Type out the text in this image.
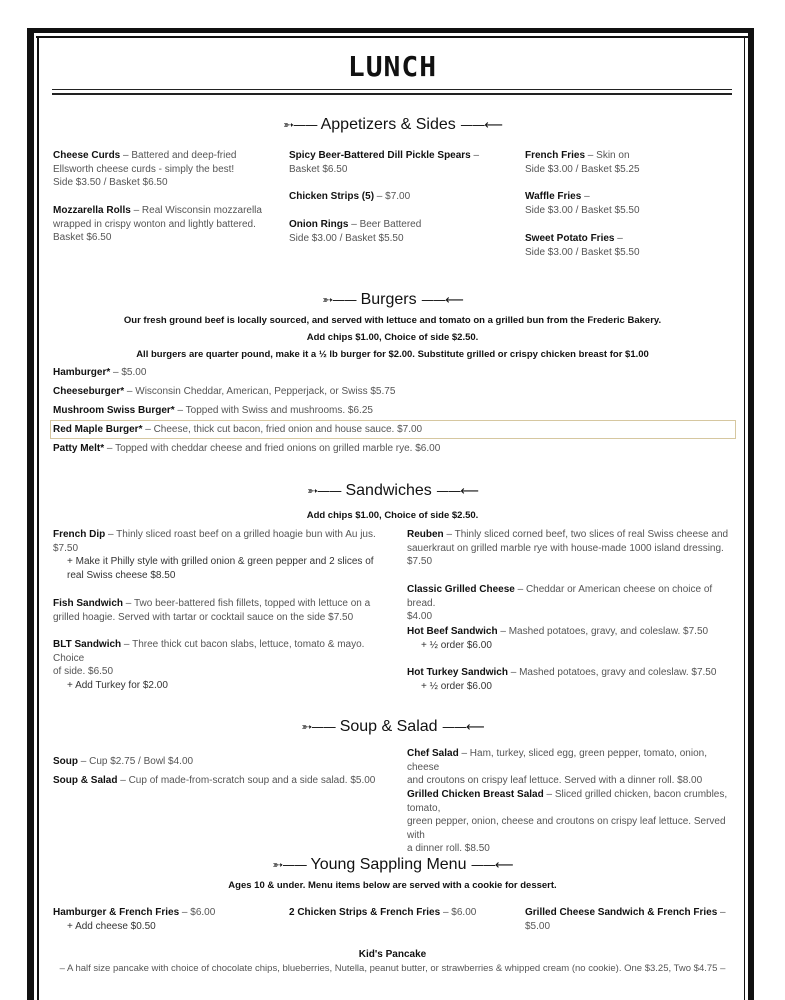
LUNCH
➳—— Appetizers & Sides ——⟵
Cheese Curds – Battered and deep-fried
Ellsworth cheese curds - simply the best!
Side $3.50 / Basket $6.50
Mozzarella Rolls – Real Wisconsin mozzarella
wrapped in crispy wonton and lightly battered.
Basket $6.50
Spicy Beer-Battered Dill Pickle Spears –
Basket $6.50
Chicken Strips (5) – $7.00
Onion Rings – Beer Battered
Side $3.00 / Basket $5.50
French Fries – Skin on
Side $3.00 / Basket $5.25
Waffle Fries –
Side $3.00 / Basket $5.50
Sweet Potato Fries –
Side $3.00 / Basket $5.50
➳—— Burgers ——⟵
Our fresh ground beef is locally sourced, and served with lettuce and tomato on a grilled bun from the Frederic Bakery.
Add chips $1.00, Choice of side $2.50.
All burgers are quarter pound, make it a ½ lb burger for $2.00. Substitute grilled or crispy chicken breast for $1.00
Hamburger* – $5.00
Cheeseburger* – Wisconsin Cheddar, American, Pepperjack, or Swiss $5.75
Mushroom Swiss Burger* – Topped with Swiss and mushrooms. $6.25
Red Maple Burger* – Cheese, thick cut bacon, fried onion and house sauce. $7.00
Patty Melt* – Topped with cheddar cheese and fried onions on grilled marble rye. $6.00
➳—— Sandwiches ——⟵
Add chips $1.00, Choice of side $2.50.
French Dip – Thinly sliced roast beef on a grilled hoagie bun with Au jus.
$7.50

+ Make it Philly style with grilled onion & green pepper and 2 slices of
real Swiss cheese $8.50
Fish Sandwich – Two beer-battered fish fillets, topped with lettuce on a
grilled hoagie. Served with tartar or cocktail sauce on the side $7.50
BLT Sandwich – Three thick cut bacon slabs, lettuce, tomato & mayo. Choice
of side. $6.50

+ Add Turkey for $2.00
Reuben – Thinly sliced corned beef, two slices of real Swiss cheese and
sauerkraut on grilled marble rye with house-made 1000 island dressing.
$7.50
Classic Grilled Cheese – Cheddar or American cheese on choice of bread.
$4.00
Hot Beef Sandwich – Mashed potatoes, gravy, and coleslaw. $7.50

+ ½ order $6.00
Hot Turkey Sandwich – Mashed potatoes, gravy and coleslaw. $7.50

+ ½ order $6.00
➳—— Soup & Salad ——⟵
Soup – Cup $2.75 / Bowl $4.00
Soup & Salad – Cup of made-from-scratch soup and a side salad. $5.00
Chef Salad – Ham, turkey, sliced egg, green pepper, tomato, onion, cheese
and croutons on crispy leaf lettuce. Served with a dinner roll. $8.00
Grilled Chicken Breast Salad – Sliced grilled chicken, bacon crumbles, tomato,
green pepper, onion, cheese and croutons on crispy leaf lettuce. Served with
a dinner roll. $8.50
➳—— Young Sappling Menu ——⟵
Ages 10 & under. Menu items below are served with a cookie for dessert.
Hamburger & French Fries – $6.00

+ Add cheese $0.50
2 Chicken Strips & French Fries – $6.00	Grilled Cheese Sandwich & French Fries – $5.00
Kid's Pancake
– A half size pancake with choice of chocolate chips, blueberries, Nutella, peanut butter, or strawberries & whipped cream (no cookie). One $3.25, Two $4.75 –
